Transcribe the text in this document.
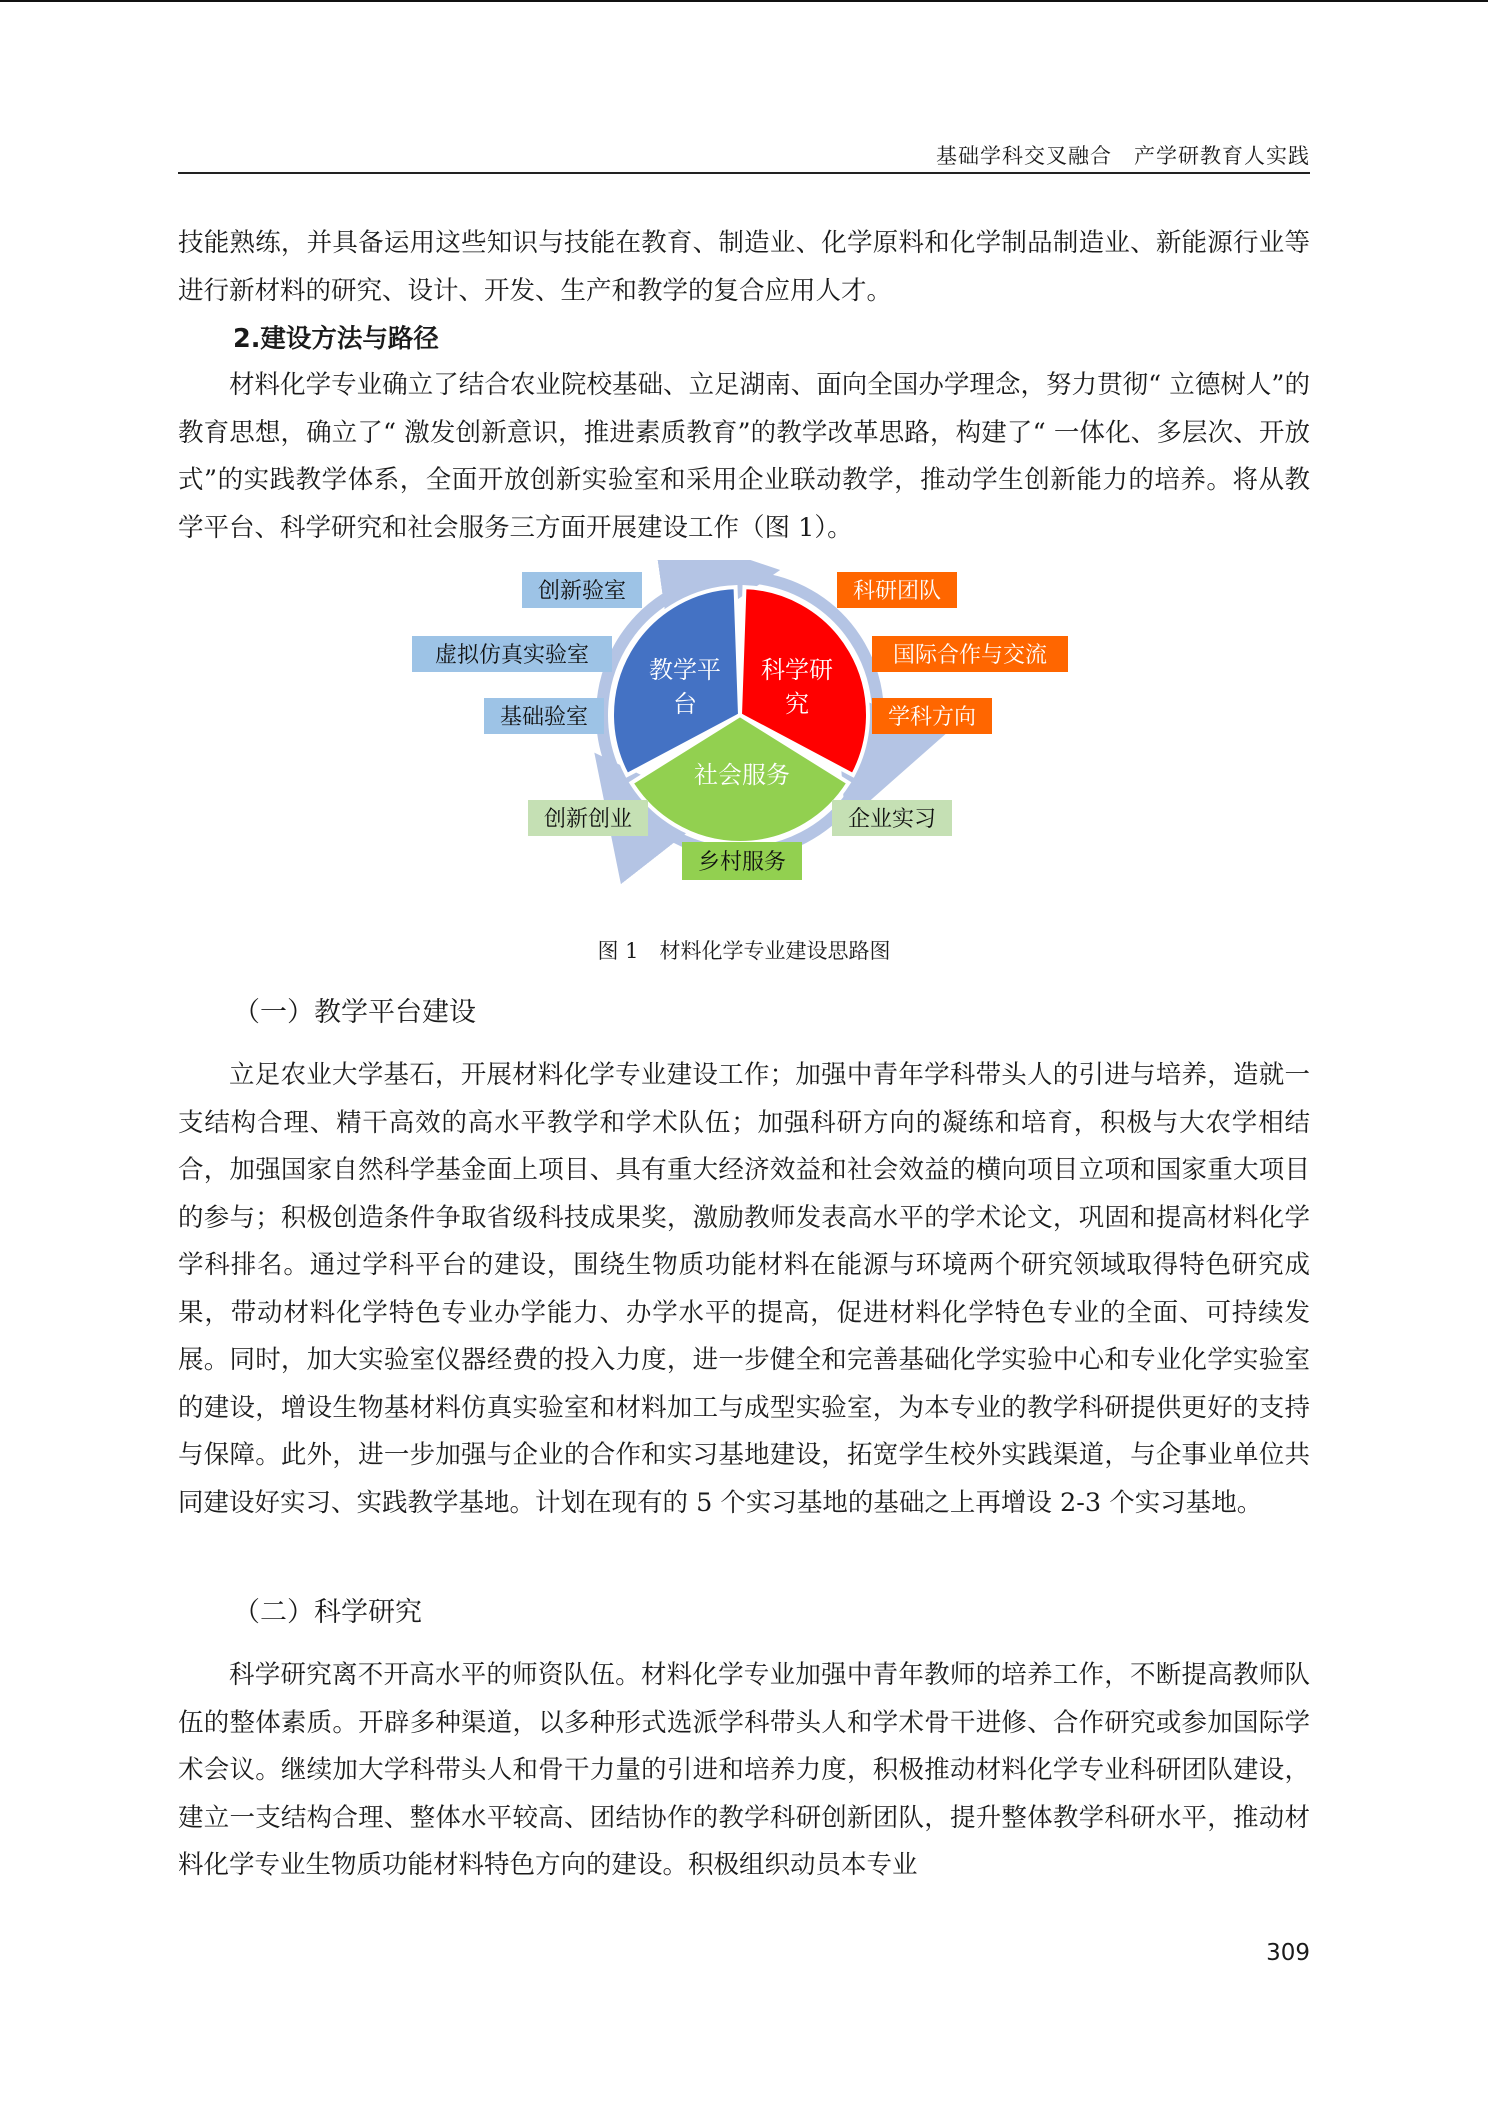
基础学科交叉融合　产学研教育人实践

技能熟练，并具备运用这些知识与技能在教育、制造业、化学原料和化学制品制造业、新能源行业等进行新材料的研究、设计、开发、生产和教学的复合应用人才。

2.建设方法与路径

材料化学专业确立了结合农业院校基础、立足湖南、面向全国办学理念，努力贯彻“ 立德树人”的教育思想，确立了“ 激发创新意识，推进素质教育”的教学改革思路，构建了“ 一体化、多层次、开放式”的实践教学体系，全面开放创新实验室和采用企业联动教学，推动学生创新能力的培养。将从教学平台、科学研究和社会服务三方面开展建设工作（图 1）。

教学平
台
科学研
究
社会服务
创新验室
虚拟仿真实验室
基础验室
科研团队
国际合作与交流
学科方向
创新创业	企业实习
乡村服务
图 1　材料化学专业建设思路图
（一）教学平台建设

立足农业大学基石，开展材料化学专业建设工作；加强中青年学科带头人的引进与培养，造就一支结构合理、精干高效的高水平教学和学术队伍；加强科研方向的凝练和培育，积极与大农学相结合，加强国家自然科学基金面上项目、具有重大经济效益和社会效益的横向项目立项和国家重大项目的参与；积极创造条件争取省级科技成果奖，激励教师发表高水平的学术论文，巩固和提高材料化学学科排名。通过学科平台的建设，围绕生物质功能材料在能源与环境两个研究领域取得特色研究成果，带动材料化学特色专业办学能力、办学水平的提高，促进材料化学特色专业的全面、可持续发展。同时，加大实验室仪器经费的投入力度，进一步健全和完善基础化学实验中心和专业化学实验室的建设，增设生物基材料仿真实验室和材料加工与成型实验室，为本专业的教学科研提供更好的支持与保障。此外，进一步加强与企业的合作和实习基地建设，拓宽学生校外实践渠道，与企事业单位共同建设好实习、实践教学基地。计划在现有的 5 个实习基地的基础之上再增设 2-3 个实习基地。

（二）科学研究

科学研究离不开高水平的师资队伍。材料化学专业加强中青年教师的培养工作，不断提高教师队伍的整体素质。开辟多种渠道，以多种形式选派学科带头人和学术骨干进修、合作研究或参加国际学术会议。继续加大学科带头人和骨干力量的引进和培养力度，积极推动材料化学专业科研团队建设，建立一支结构合理、整体水平较高、团结协作的教学科研创新团队，提升整体教学科研水平，推动材料化学专业生物质功能材料特色方向的建设。积极组织动员本专业

309
